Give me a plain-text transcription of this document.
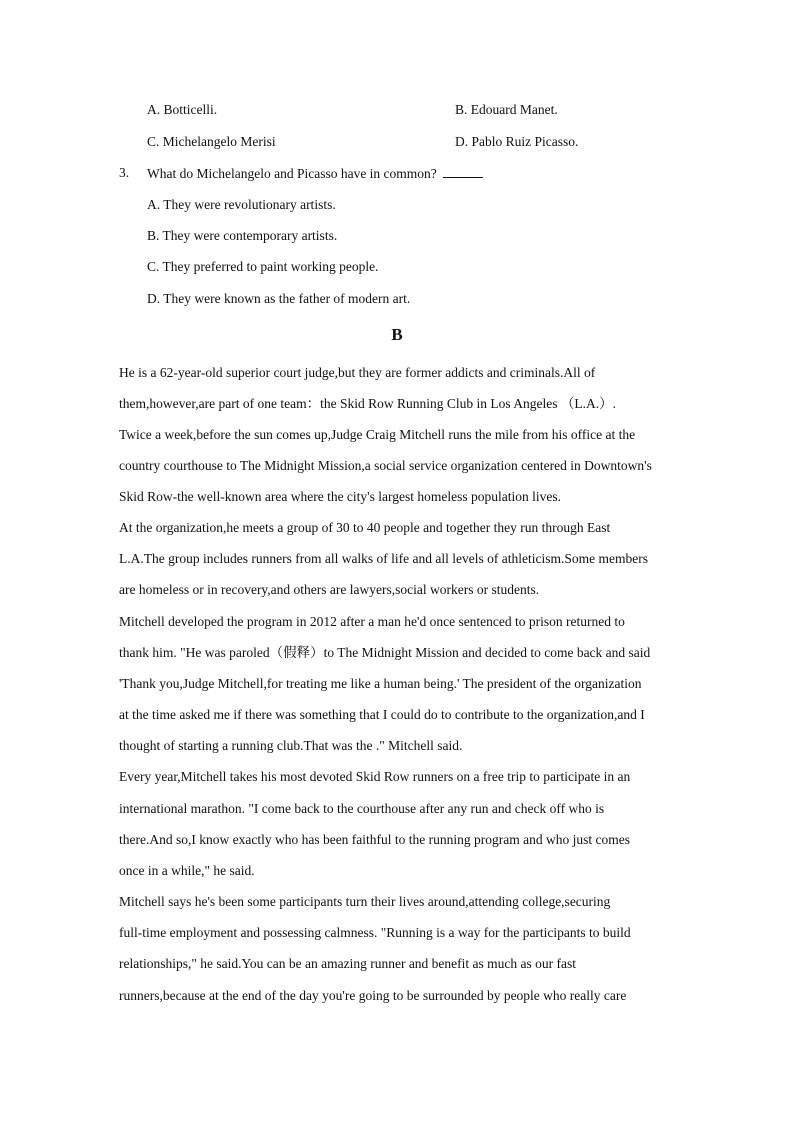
A. Botticelli.	B. Edouard Manet.
C. Michelangelo Merisi	D. Pablo Ruiz Picasso.
3. What do Michelangelo and Picasso have in common?
A. They were revolutionary artists.
B. They were contemporary artists.
C. They preferred to paint working people.
D. They were known as the father of modern art.
B
He is a 62-year-old superior court judge,but they are former addicts and criminals.All of
them,however,are part of one team：the Skid Row Running Club in Los Angeles （L.A.）.
Twice a week,before the sun comes up,Judge Craig Mitchell runs the mile from his office at the
country courthouse to The Midnight Mission,a social service organization centered in Downtown's
Skid Row-the well-known area where the city's largest homeless population lives.
At the organization,he meets a group of 30 to 40 people and together they run through East
L.A.The group includes runners from all walks of life and all levels of athleticism.Some members
are homeless or in recovery,and others are lawyers,social workers or students.
Mitchell developed the program in 2012 after a man he'd once sentenced to prison returned to
thank him. "He was paroled（假释）to The Midnight Mission and decided to come back and said
'Thank you,Judge Mitchell,for treating me like a human being.' The president of the organization
at the time asked me if there was something that I could do to contribute to the organization,and I
thought of starting a running club.That was the ." Mitchell said.
Every year,Mitchell takes his most devoted Skid Row runners on a free trip to participate in an
international marathon. "I come back to the courthouse after any run and check off who is
there.And so,I know exactly who has been faithful to the running program and who just comes
once in a while," he said.
Mitchell says he's been some participants turn their lives around,attending college,securing
full-time employment and possessing calmness. "Running is a way for the participants to build
relationships," he said.You can be an amazing runner and benefit as much as our fast
runners,because at the end of the day you're going to be surrounded by people who really care
